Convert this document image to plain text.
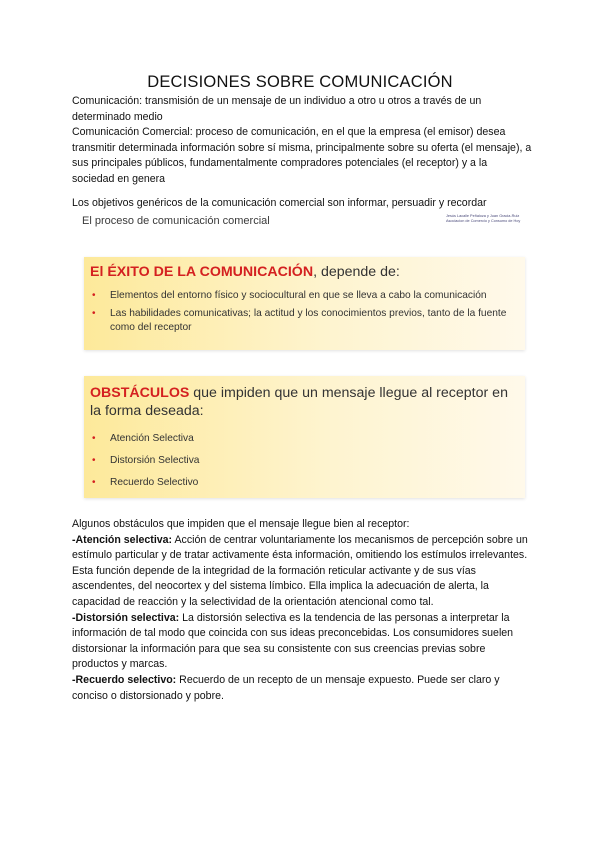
DECISIONES SOBRE COMUNICACIÓN
Comunicación: transmisión de un mensaje de un individuo a otro u otros a través de un determinado medio
Comunicación Comercial: proceso de comunicación, en el que la empresa (el emisor) desea transmitir determinada información sobre sí misma, principalmente sobre su oferta (el mensaje), a sus principales públicos, fundamentalmente compradores potenciales (el receptor) y a la sociedad en genera
Los objetivos genéricos de la comunicación comercial son informar, persuadir y recordar
El proceso de comunicación comercial	Jesús Lacalle Peñaloza y Juan Gracia-Ruiz Asociacion de Comercio y Consumo de Hoy
El ÉXITO DE LA COMUNICACIÓN, depende de:
• Elementos del entorno físico y sociocultural en que se lleva a cabo la comunicación
• Las habilidades comunicativas; la actitud y los conocimientos previos, tanto de la fuente como del receptor
OBSTÁCULOS que impiden que un mensaje llegue al receptor en la forma deseada:
• Atención Selectiva
• Distorsión Selectiva
• Recuerdo Selectivo
Algunos obstáculos que impiden que el mensaje llegue bien al receptor:
-Atención selectiva: Acción de centrar voluntariamente los mecanismos de percepción sobre un estímulo particular y de tratar activamente ésta información, omitiendo los estímulos irrelevantes. Esta función depende de la integridad de la formación reticular activante y de sus vías ascendentes, del neocortex y del sistema límbico. Ella implica la adecuación de alerta, la capacidad de reacción y la selectividad de la orientación atencional como tal.
-Distorsión selectiva: La distorsión selectiva es la tendencia de las personas a interpretar la información de tal modo que coincida con sus ideas preconcebidas. Los consumidores suelen distorsionar la información para que sea su consistente con sus creencias previas sobre productos y marcas.
-Recuerdo selectivo: Recuerdo de un recepto de un mensaje expuesto. Puede ser claro y conciso o distorsionado y pobre.
